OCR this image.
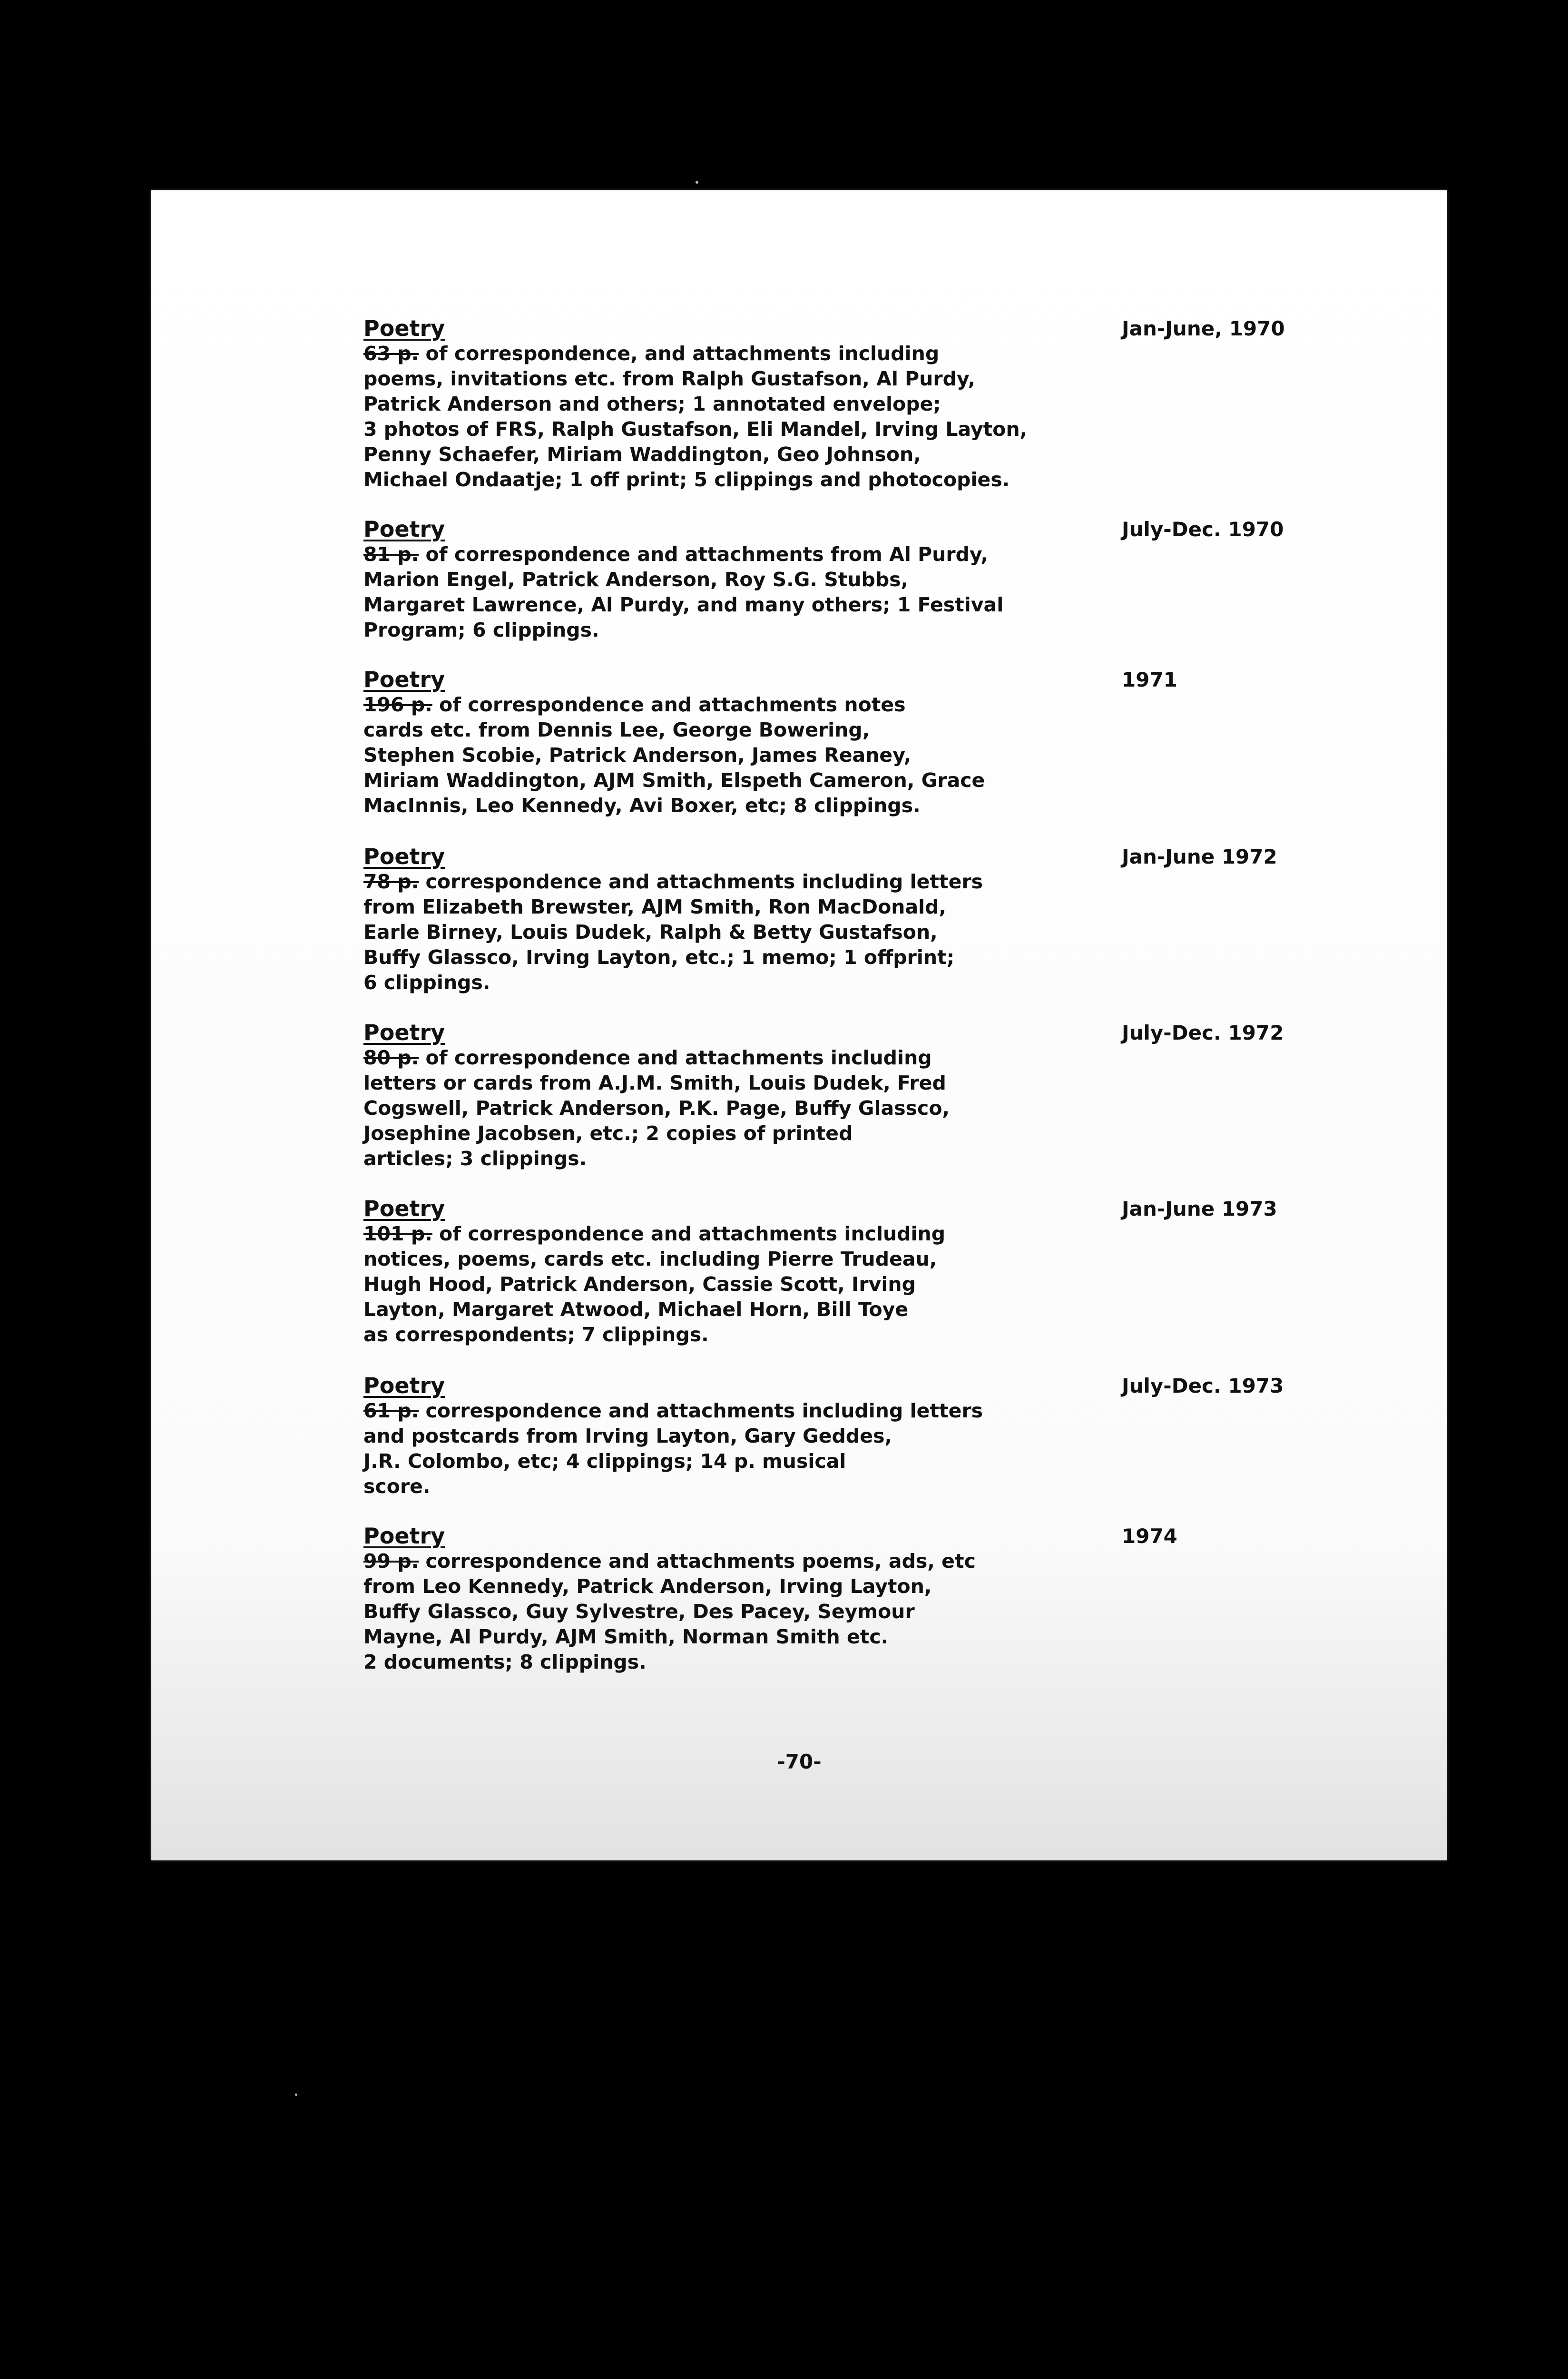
Poetry
63 p. of correspondence, and attachments including
poems, invitations etc. from Ralph Gustafson, Al Purdy,
Patrick Anderson and others; 1 annotated envelope;
3 photos of FRS, Ralph Gustafson, Eli Mandel, Irving Layton,
Penny Schaefer, Miriam Waddington, Geo Johnson,
Michael Ondaatje; 1 off print; 5 clippings and photocopies.
Jan-June, 1970
Poetry
81 p. of correspondence and attachments from Al Purdy,
Marion Engel, Patrick Anderson, Roy S.G. Stubbs,
Margaret Lawrence, Al Purdy, and many others; 1 Festival
Program; 6 clippings.
July-Dec. 1970
Poetry
196 p. of correspondence and attachments notes
cards etc. from Dennis Lee, George Bowering,
Stephen Scobie, Patrick Anderson, James Reaney,
Miriam Waddington, AJM Smith, Elspeth Cameron, Grace
MacInnis, Leo Kennedy, Avi Boxer, etc; 8 clippings.
1971
Poetry
78 p. correspondence and attachments including letters
from Elizabeth Brewster, AJM Smith, Ron MacDonald,
Earle Birney, Louis Dudek, Ralph & Betty Gustafson,
Buffy Glassco, Irving Layton, etc.; 1 memo; 1 offprint;
6 clippings.
Jan-June 1972
Poetry
80 p. of correspondence and attachments including
letters or cards from A.J.M. Smith, Louis Dudek, Fred
Cogswell, Patrick Anderson, P.K. Page, Buffy Glassco,
Josephine Jacobsen, etc.; 2 copies of printed
articles; 3 clippings.
July-Dec. 1972
Poetry
101 p. of correspondence and attachments including
notices, poems, cards etc. including Pierre Trudeau,
Hugh Hood, Patrick Anderson, Cassie Scott, Irving
Layton, Margaret Atwood, Michael Horn, Bill Toye
as correspondents; 7 clippings.
Jan-June 1973
Poetry
61 p. correspondence and attachments including letters
and postcards from Irving Layton, Gary Geddes,
J.R. Colombo, etc; 4 clippings; 14 p. musical
score.
July-Dec. 1973
Poetry
99 p. correspondence and attachments poems, ads, etc
from Leo Kennedy, Patrick Anderson, Irving Layton,
Buffy Glassco, Guy Sylvestre, Des Pacey, Seymour
Mayne, Al Purdy, AJM Smith, Norman Smith etc.
2 documents; 8 clippings.
1974
-70-
